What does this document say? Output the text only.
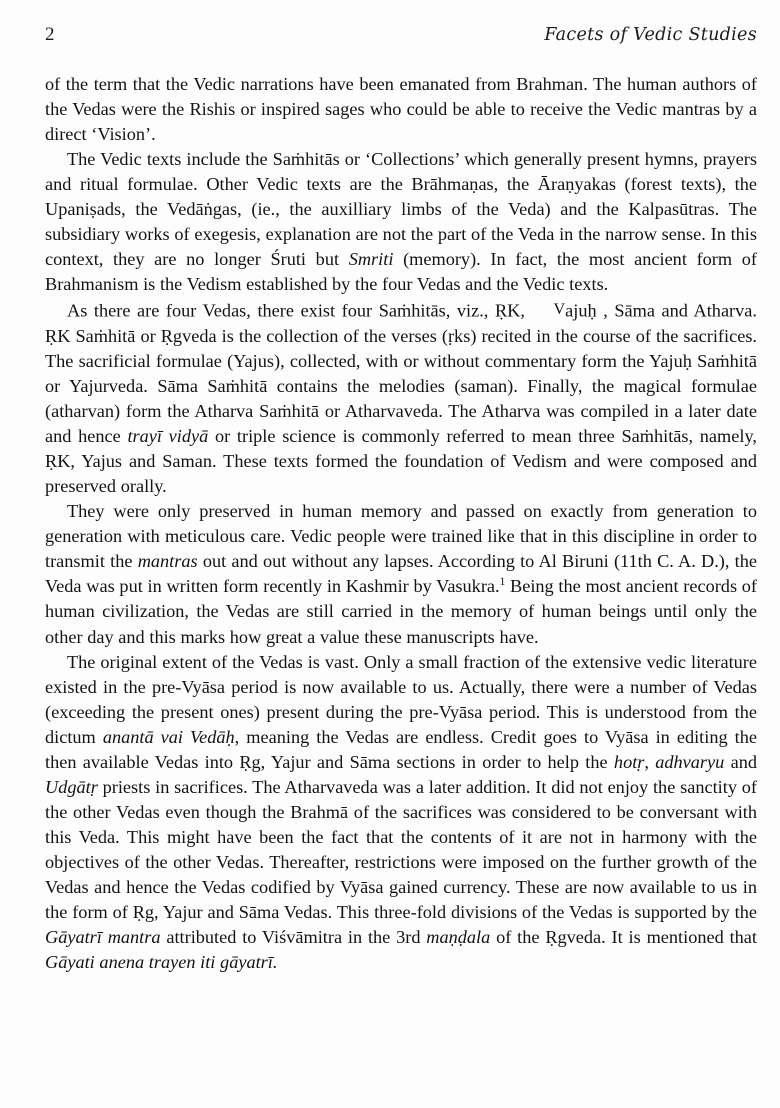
2	Facets of Vedic Studies

of the term that the Vedic narrations have been emanated from Brahman. The human authors of the Vedas were the Rishis or inspired sages who could be able to receive the Vedic mantras by a direct ‘Vision’.

The Vedic texts include the Saṁhitās or ‘Collections’ which generally present hymns, prayers and ritual formulae. Other Vedic texts are the Brāhmaṇas, the Āraṇyakas (forest texts), the Upaniṣads, the Vedāṅgas, (ie., the auxilliary limbs of the Veda) and the Kalpasūtras. The subsidiary works of exegesis, explanation are not the part of the Veda in the narrow sense. In this context, they are no longer Śruti but Smriti (memory). In fact, the most ancient form of Brahmanism is the Vedism established by the four Vedas and the Vedic texts.

As there are four Vedas, there exist four Saṁhitās, viz., ṚK, Vajuḥ , Sāma and Atharva. ṚK Saṁhitā or Ṛgveda is the collection of the verses (ṛks) recited in the course of the sacrifices. The sacrificial formulae (Yajus), collected, with or without commentary form the Yajuḥ Saṁhitā or Yajurveda. Sāma Saṁhitā contains the melodies (saman). Finally, the magical formulae (atharvan) form the Atharva Saṁhitā or Atharvaveda. The Atharva was compiled in a later date and hence trayī vidyā or triple science is commonly referred to mean three Saṁhitās, namely, ṚK, Yajus and Saman. These texts formed the foundation of Vedism and were composed and preserved orally.

They were only preserved in human memory and passed on exactly from generation to generation with meticulous care. Vedic people were trained like that in this discipline in order to transmit the mantras out and out without any lapses. According to Al Biruni (11th C. A. D.), the Veda was put in written form recently in Kashmir by Vasukra.$^1$ Being the most ancient records of human civilization, the Vedas are still carried in the memory of human beings until only the other day and this marks how great a value these manuscripts have.

The original extent of the Vedas is vast. Only a small fraction of the extensive vedic literature existed in the pre-Vyāsa period is now available to us. Actually, there were a number of Vedas (exceeding the present ones) present during the pre-Vyāsa period. This is understood from the dictum anantā vai Vedāḥ, meaning the Vedas are endless. Credit goes to Vyāsa in editing the then available Vedas into Ṛg, Yajur and Sāma sections in order to help the hotṛ, adhvaryu and Udgātṛ priests in sacrifices. The Atharvaveda was a later addition. It did not enjoy the sanctity of the other Vedas even though the Brahmā of the sacrifices was considered to be conversant with this Veda. This might have been the fact that the contents of it are not in harmony with the objectives of the other Vedas. Thereafter, restrictions were imposed on the further growth of the Vedas and hence the Vedas codified by Vyāsa gained currency. These are now available to us in the form of Ṛg, Yajur and Sāma Vedas. This three-fold divisions of the Vedas is supported by the Gāyatrī mantra attributed to Viśvāmitra in the 3rd maṇḍala of the Ṛgveda. It is mentioned that Gāyati anena trayen iti gāyatrī.
